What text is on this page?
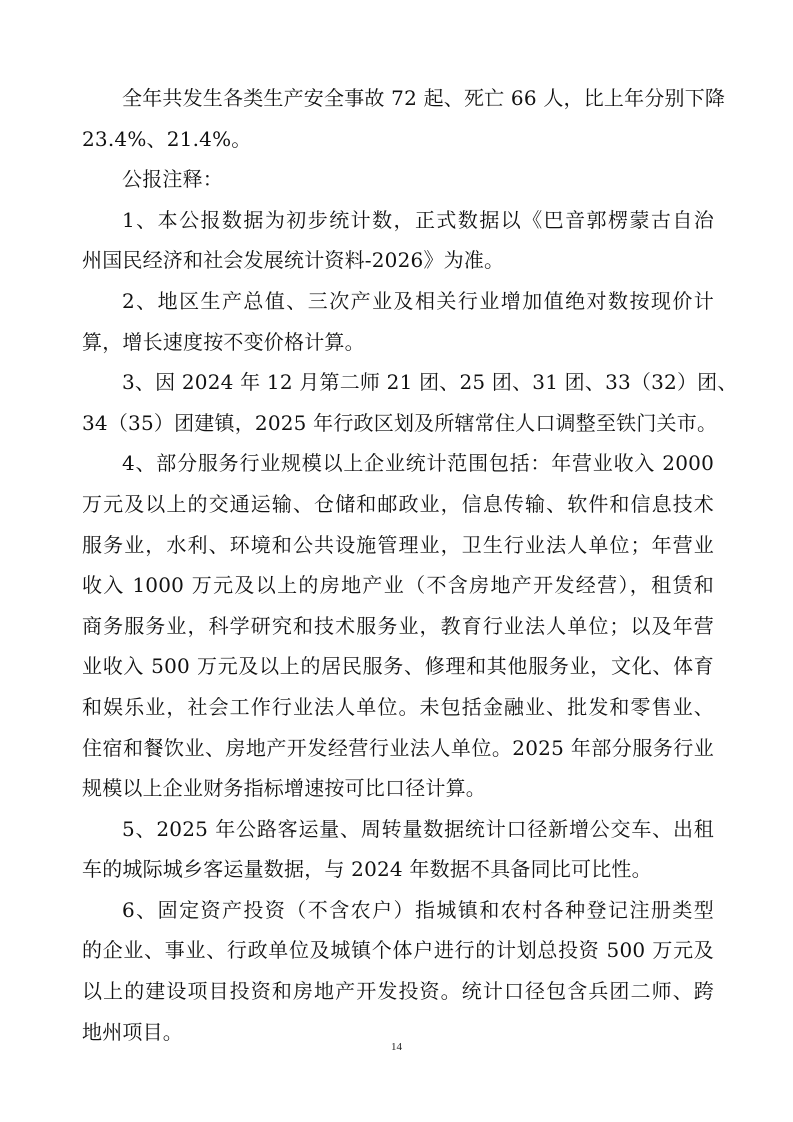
全年共发生各类生产安全事故 72 起、死亡 66 人，比上年分别下降
23.4%、21.4%。
公报注释：
1、本公报数据为初步统计数，正式数据以《巴音郭楞蒙古自治
州国民经济和社会发展统计资料-2026》为准。
2、地区生产总值、三次产业及相关行业增加值绝对数按现价计
算，增长速度按不变价格计算。
3、因 2024 年 12 月第二师 21 团、25 团、31 团、33（32）团、
34（35）团建镇，2025 年行政区划及所辖常住人口调整至铁门关市。
4、部分服务行业规模以上企业统计范围包括：年营业收入 2000
万元及以上的交通运输、仓储和邮政业，信息传输、软件和信息技术
服务业，水利、环境和公共设施管理业，卫生行业法人单位；年营业
收入 1000 万元及以上的房地产业（不含房地产开发经营），租赁和
商务服务业，科学研究和技术服务业，教育行业法人单位；以及年营
业收入 500 万元及以上的居民服务、修理和其他服务业，文化、体育
和娱乐业，社会工作行业法人单位。未包括金融业、批发和零售业、
住宿和餐饮业、房地产开发经营行业法人单位。2025 年部分服务行业
规模以上企业财务指标增速按可比口径计算。
5、2025 年公路客运量、周转量数据统计口径新增公交车、出租
车的城际城乡客运量数据，与 2024 年数据不具备同比可比性。
6、固定资产投资（不含农户）指城镇和农村各种登记注册类型
的企业、事业、行政单位及城镇个体户进行的计划总投资 500 万元及
以上的建设项目投资和房地产开发投资。统计口径包含兵团二师、跨
地州项目。
14
